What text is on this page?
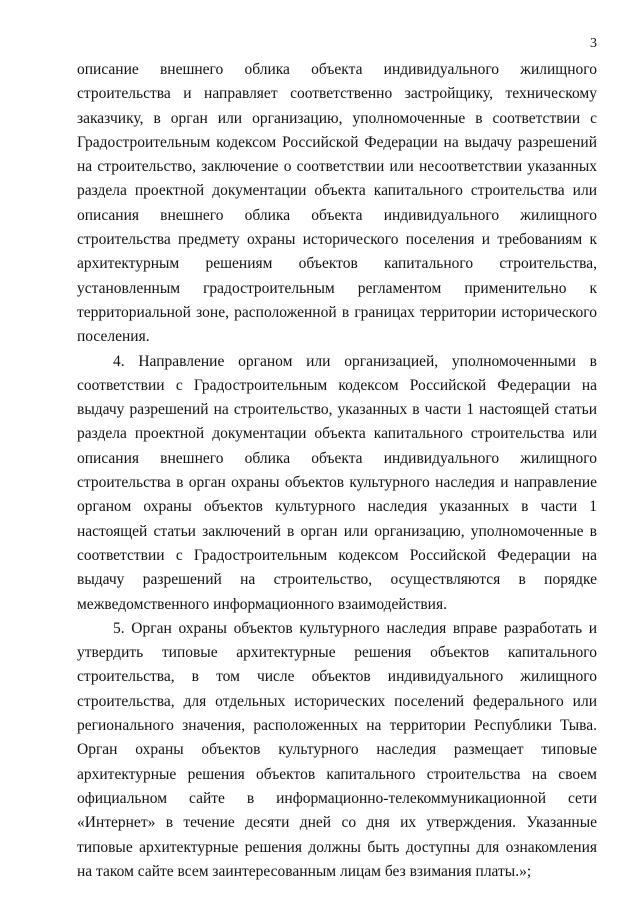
3

описание внешнего облика объекта индивидуального жилищного строительства и направляет соответственно застройщику, техническому заказчику, в орган или организацию, уполномоченные в соответствии с Градостроительным кодексом Российской Федерации на выдачу разрешений на строительство, заключение о соответствии или несоответствии указанных раздела проектной документации объекта капитального строительства или описания внешнего облика объекта индивидуального жилищного строительства предмету охраны исторического поселения и требованиям к архитектурным решениям объектов капитального строительства, установленным градостроительным регламентом применительно к территориальной зоне, расположенной в границах территории исторического поселения.

4. Направление органом или организацией, уполномоченными в соответствии с Градостроительным кодексом Российской Федерации на выдачу разрешений на строительство, указанных в части 1 настоящей статьи раздела проектной документации объекта капитального строительства или описания внешнего облика объекта индивидуального жилищного строительства в орган охраны объектов культурного наследия и направление органом охраны объектов культурного наследия указанных в части 1 настоящей статьи заключений в орган или организацию, уполномоченные в соответствии с Градостроительным кодексом Российской Федерации на выдачу разрешений на строительство, осуществляются в порядке межведомственного информационного взаимодействия.

5. Орган охраны объектов культурного наследия вправе разработать и утвердить типовые архитектурные решения объектов капитального строительства, в том числе объектов индивидуального жилищного строительства, для отдельных исторических поселений федерального или регионального значения, расположенных на территории Республики Тыва. Орган охраны объектов культурного наследия размещает типовые архитектурные решения объектов капитального строительства на своем официальном сайте в информационно-телекоммуникационной сети «Интернет» в течение десяти дней со дня их утверждения. Указанные типовые архитектурные решения должны быть доступны для ознакомления на таком сайте всем заинтересованным лицам без взимания платы.»;
